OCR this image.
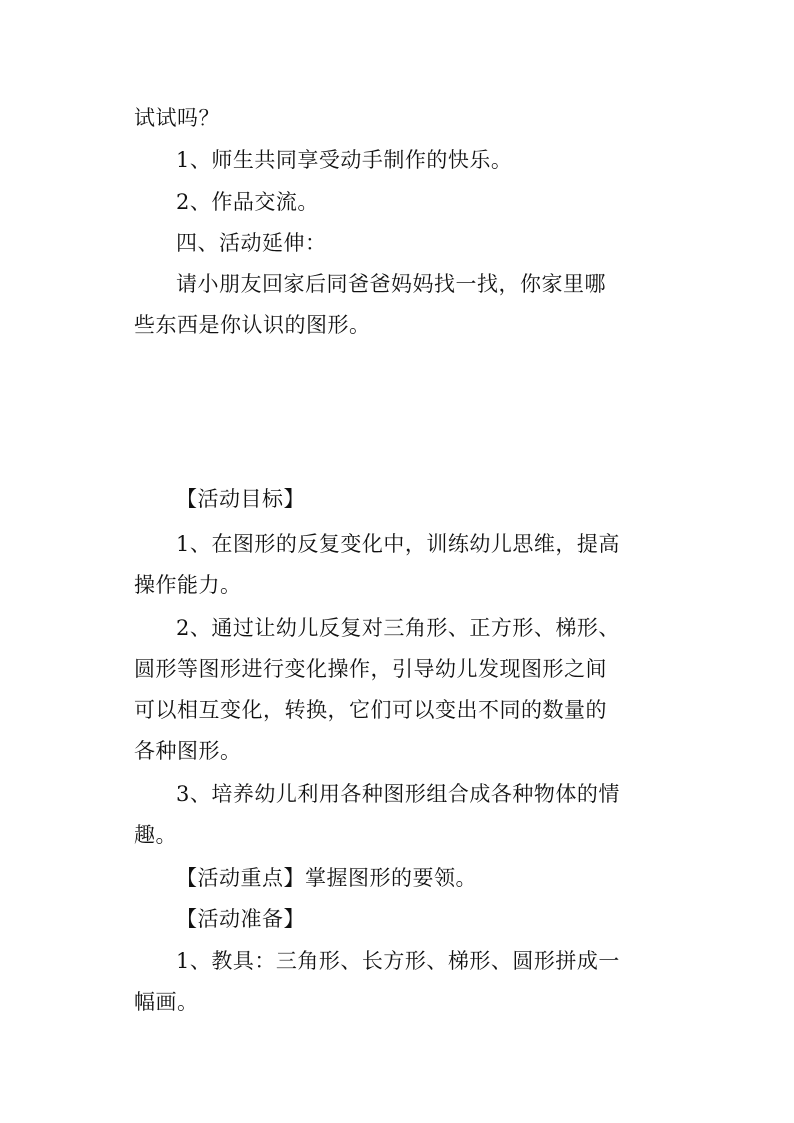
试试吗？
1、师生共同享受动手制作的快乐。
2、作品交流。
四、活动延伸：
请小朋友回家后同爸爸妈妈找一找，你家里哪
些东西是你认识的图形。
【活动目标】
1、在图形的反复变化中，训练幼儿思维，提高
操作能力。
2、通过让幼儿反复对三角形、正方形、梯形、
圆形等图形进行变化操作，引导幼儿发现图形之间
可以相互变化，转换，它们可以变出不同的数量的
各种图形。
3、培养幼儿利用各种图形组合成各种物体的情
趣。
【活动重点】掌握图形的要领。
【活动准备】
1、教具：三角形、长方形、梯形、圆形拼成一
幅画。
